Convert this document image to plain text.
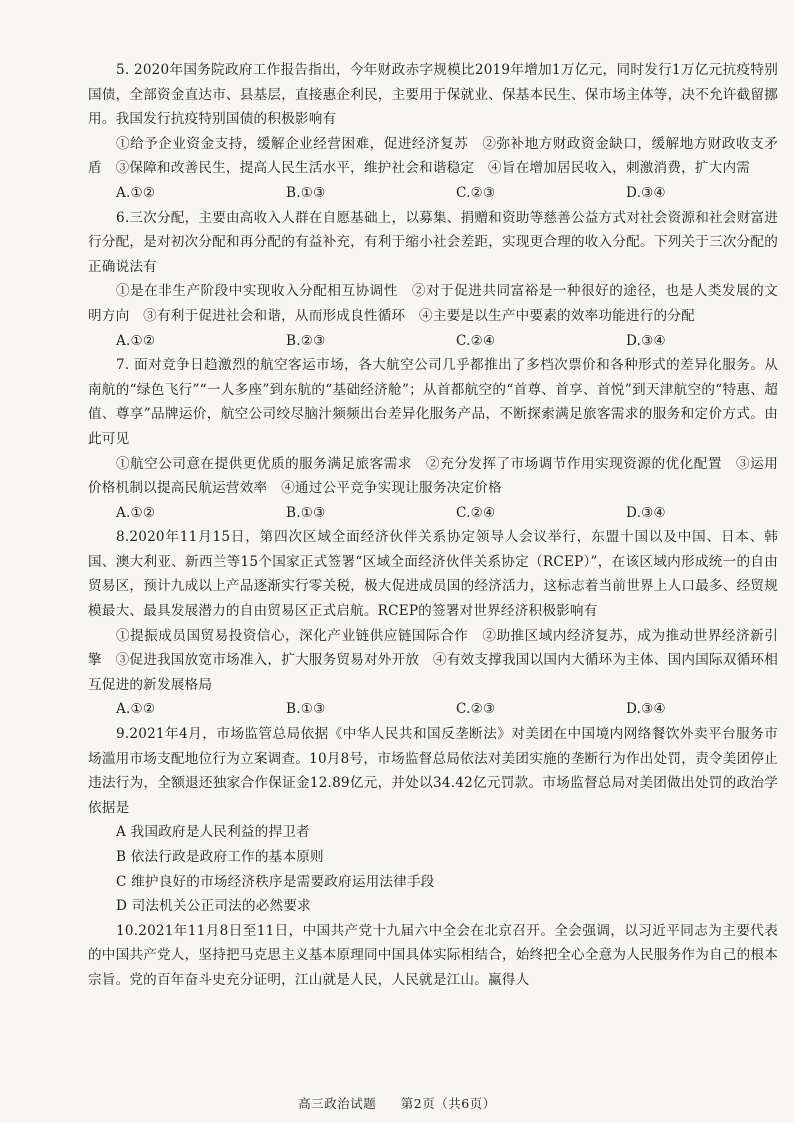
5. 2020年国务院政府工作报告指出，今年财政赤字规模比2019年增加1万亿元，同时发行1万亿元抗疫特别国债，全部资金直达市、县基层，直接惠企利民，主要用于保就业、保基本民生、保市场主体等，决不允许截留挪用。我国发行抗疫特别国债的积极影响有

①给予企业资金支持，缓解企业经营困难，促进经济复苏　②弥补地方财政资金缺口，缓解地方财政收支矛盾　③保障和改善民生，提高人民生活水平，维护社会和谐稳定　④旨在增加居民收入，刺激消费，扩大内需

A.①②	B.①③	C.②③	D.③④

6.三次分配，主要由高收入人群在自愿基础上，以募集、捐赠和资助等慈善公益方式对社会资源和社会财富进行分配，是对初次分配和再分配的有益补充，有利于缩小社会差距，实现更合理的收入分配。下列关于三次分配的正确说法有

①是在非生产阶段中实现收入分配相互协调性　②对于促进共同富裕是一种很好的途径，也是人类发展的文明方向　③有利于促进社会和谐，从而形成良性循环　④主要是以生产中要素的效率功能进行的分配

A.①②	B.②③	C.②④	D.③④

7. 面对竞争日趋激烈的航空客运市场，各大航空公司几乎都推出了多档次票价和各种形式的差异化服务。从南航的“绿色飞行”“一人多座”到东航的“基础经济舱”；从首都航空的“首尊、首享、首悦”到天津航空的“特惠、超值、尊享”品牌运价，航空公司绞尽脑汁频频出台差异化服务产品，不断探索满足旅客需求的服务和定价方式。由此可见

①航空公司意在提供更优质的服务满足旅客需求　②充分发挥了市场调节作用实现资源的优化配置　③运用价格机制以提高民航运营效率　④通过公平竞争实现让服务决定价格

A.①②	B.①③	C.②④	D.③④

8.2020年11月15日，第四次区域全面经济伙伴关系协定领导人会议举行，东盟十国以及中国、日本、韩国、澳大利亚、新西兰等15个国家正式签署“区域全面经济伙伴关系协定（RCEP）”，在该区域内形成统一的自由贸易区，预计九成以上产品逐渐实行零关税，极大促进成员国的经济活力，这标志着当前世界上人口最多、经贸规模最大、最具发展潜力的自由贸易区正式启航。RCEP的签署对世界经济积极影响有

①提振成员国贸易投资信心，深化产业链供应链国际合作　②助推区域内经济复苏，成为推动世界经济新引擎　③促进我国放宽市场准入，扩大服务贸易对外开放　④有效支撑我国以国内大循环为主体、国内国际双循环相互促进的新发展格局

A.①②	B.①③	C.②③	D.③④

9.2021年4月，市场监管总局依据《中华人民共和国反垄断法》对美团在中国境内网络餐饮外卖平台服务市场滥用市场支配地位行为立案调查。10月8号，市场监督总局依法对美团实施的垄断行为作出处罚，责令美团停止违法行为，全额退还独家合作保证金12.89亿元，并处以34.42亿元罚款。市场监督总局对美团做出处罚的政治学依据是

A 我国政府是人民利益的捍卫者

B 依法行政是政府工作的基本原则

C 维护良好的市场经济秩序是需要政府运用法律手段

D 司法机关公正司法的必然要求

10.2021年11月8日至11日，中国共产党十九届六中全会在北京召开。全会强调，以习近平同志为主要代表的中国共产党人，坚持把马克思主义基本原理同中国具体实际相结合，始终把全心全意为人民服务作为自己的根本宗旨。党的百年奋斗史充分证明，江山就是人民，人民就是江山。赢得人

高三政治试题 第2页（共6页）
